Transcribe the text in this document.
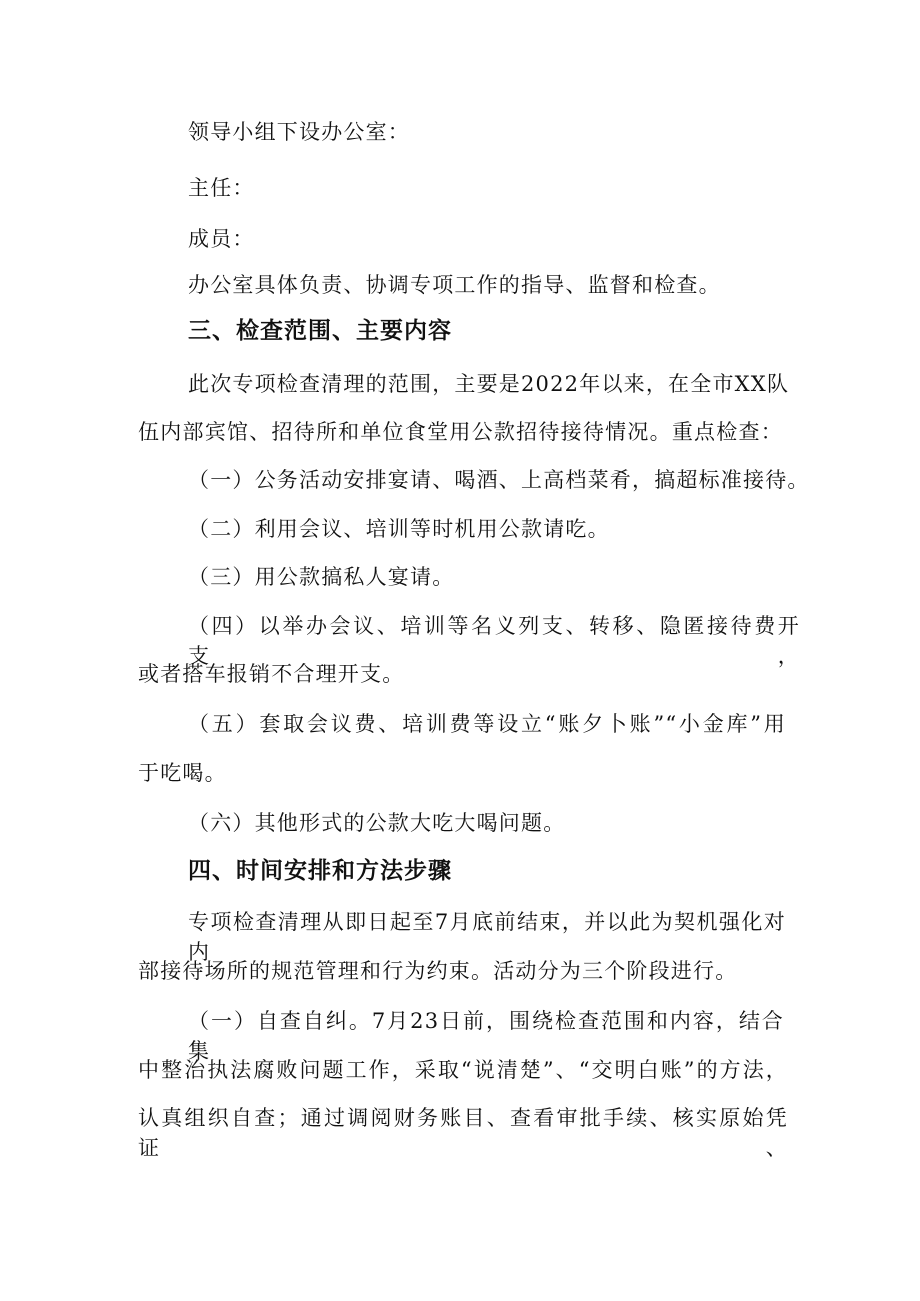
领导小组下设办公室：
主任：
成员：
办公室具体负责、协调专项工作的指导、监督和检查。
三、检查范围、主要内容
此次专项检查清理的范围，主要是2022年以来，在全市XX队
伍内部宾馆、招待所和单位食堂用公款招待接待情况。重点检查：
（一）公务活动安排宴请、喝酒、上高档菜肴，搞超标准接待。
（二）利用会议、培训等时机用公款请吃。
（三）用公款搞私人宴请。
（四）以举办会议、培训等名义列支、转移、隐匿接待费开支，
或者搭车报销不合理开支。
（五）套取会议费、培训费等设立“账夕卜账”“小金库”用
于吃喝。
（六）其他形式的公款大吃大喝问题。
四、时间安排和方法步骤
专项检查清理从即日起至7月底前结束，并以此为契机强化对内
部接待场所的规范管理和行为约束。活动分为三个阶段进行。
（一）自查自纠。7月23日前，围绕检查范围和内容，结合集
中整治执法腐败问题工作，采取“说清楚”、“交明白账”的方法，
认真组织自查；通过调阅财务账目、查看审批手续、核实原始凭证、
